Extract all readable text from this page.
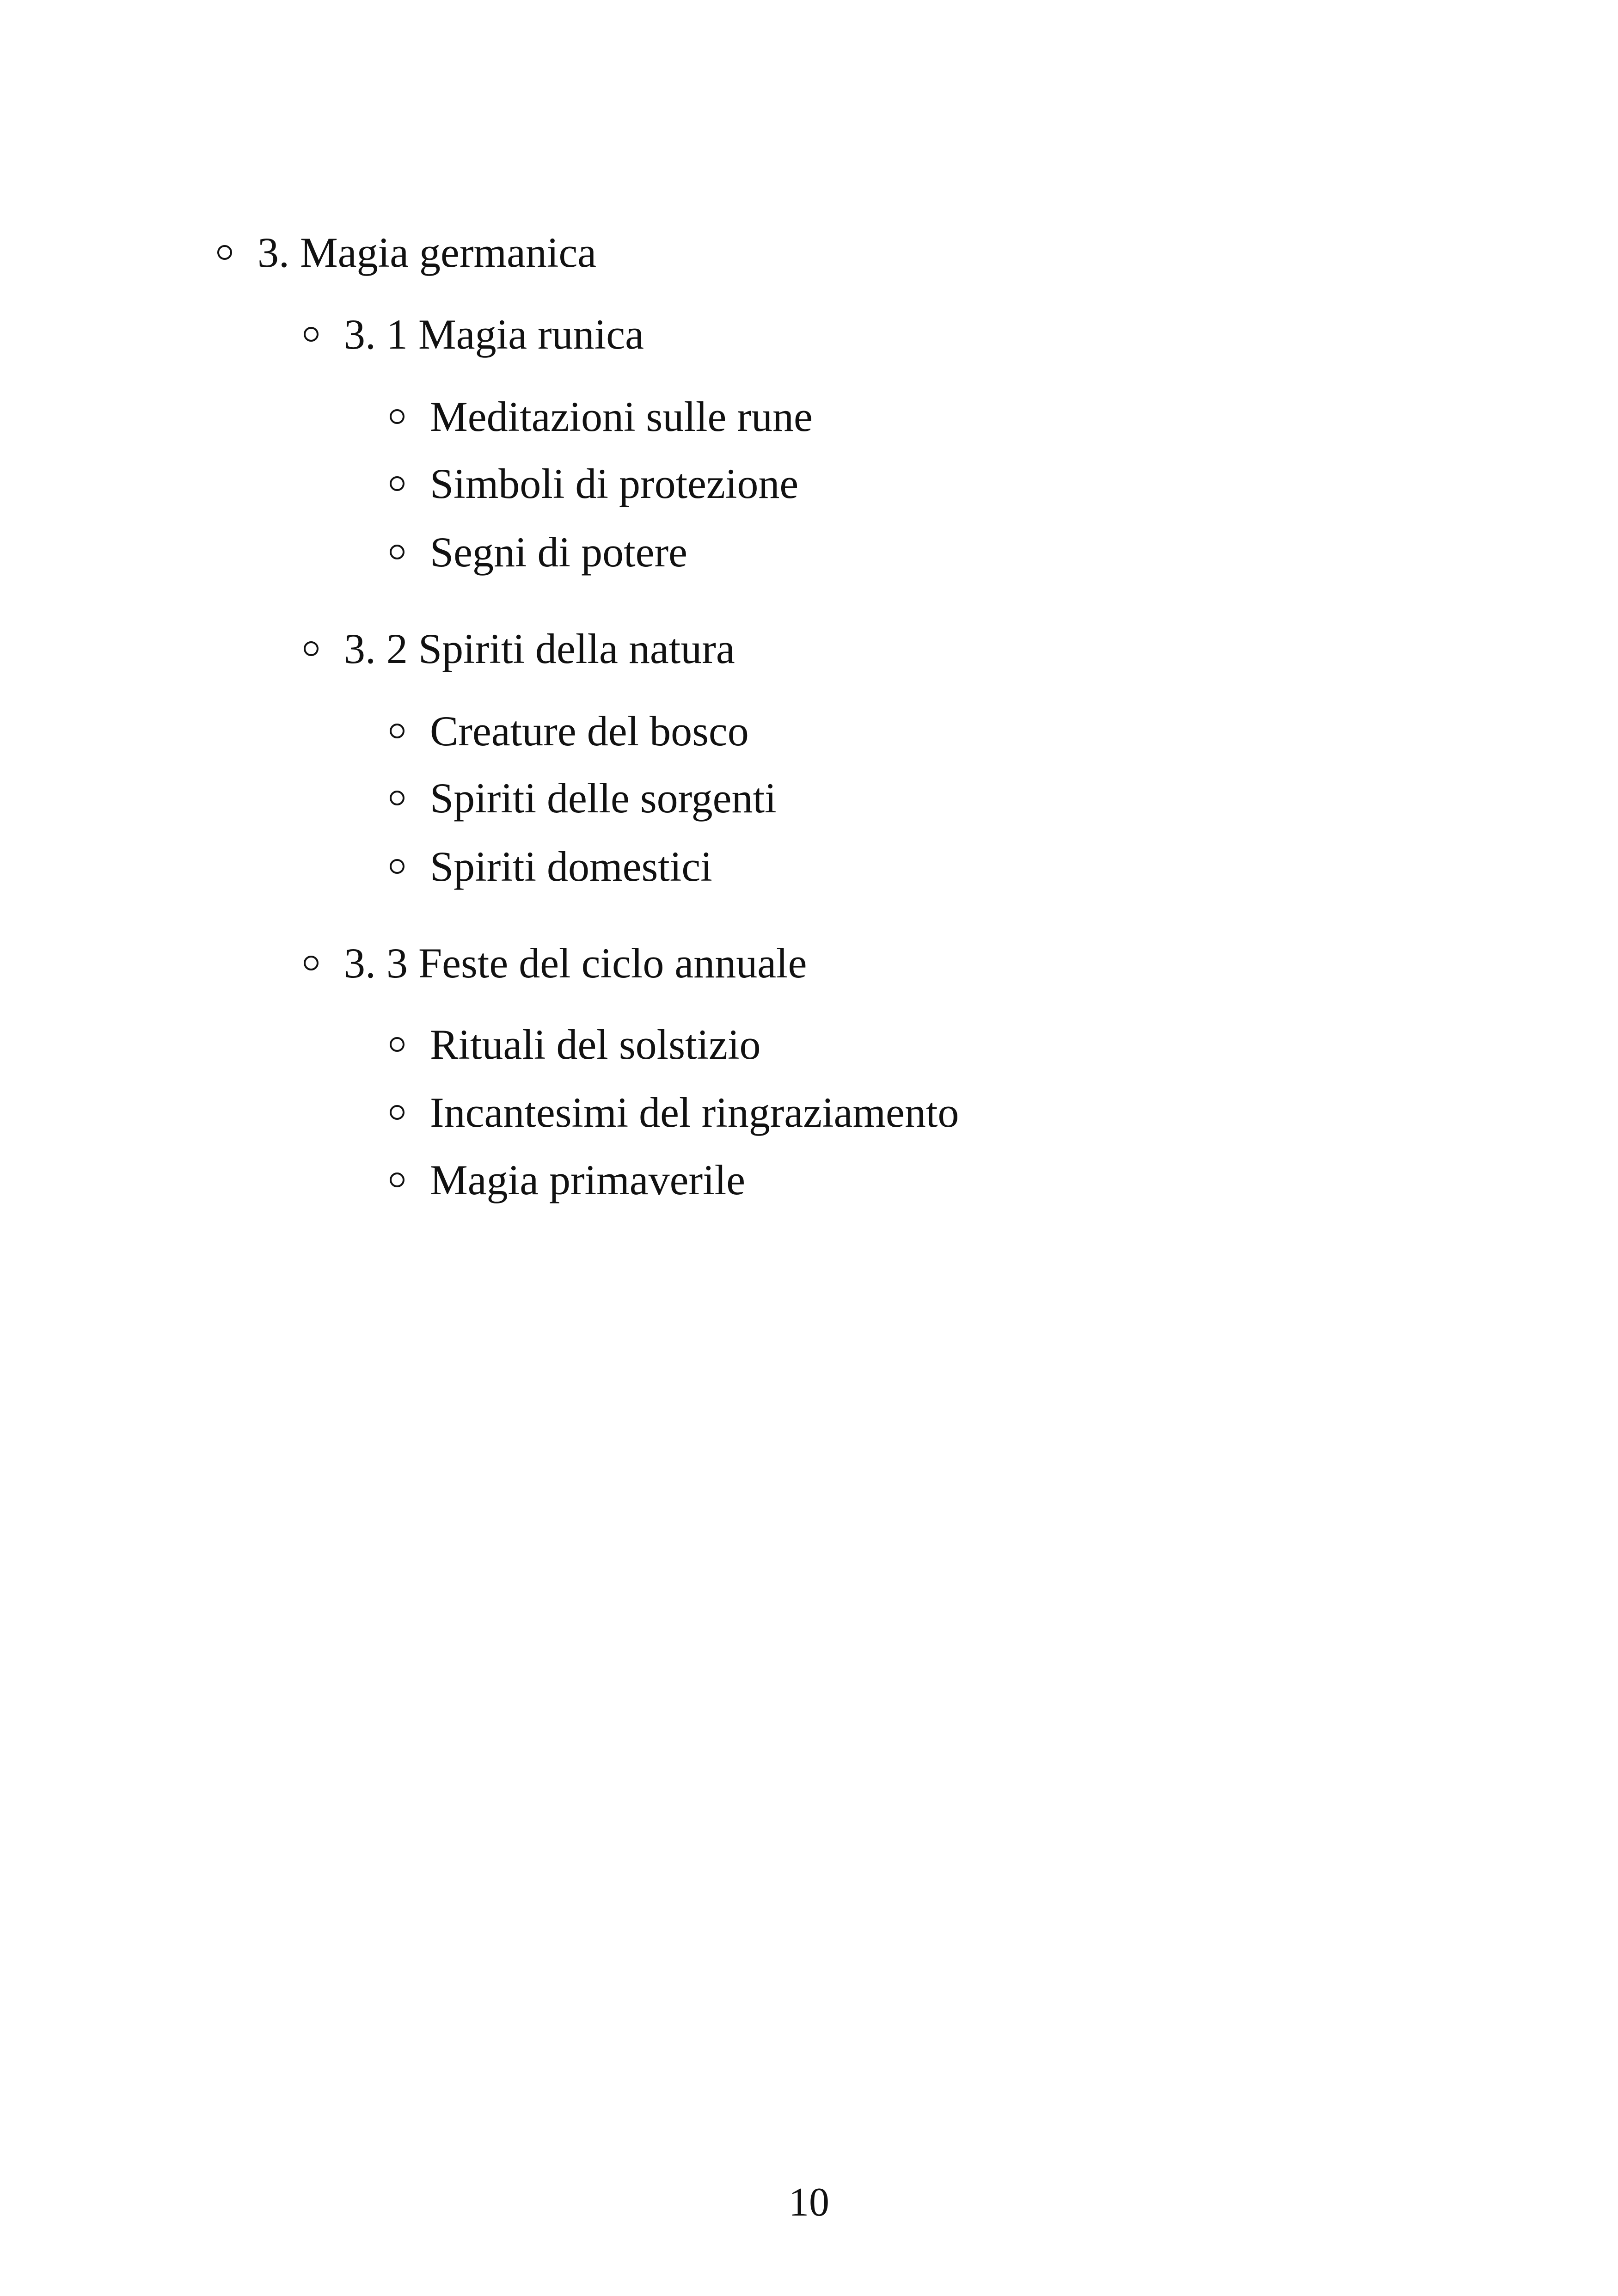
3. Magia germanica
3. 1 Magia runica
Meditazioni sulle rune
Simboli di protezione
Segni di potere
3. 2 Spiriti della natura
Creature del bosco
Spiriti delle sorgenti
Spiriti domestici
3. 3 Feste del ciclo annuale
Rituali del solstizio
Incantesimi del ringraziamento
Magia primaverile
10
